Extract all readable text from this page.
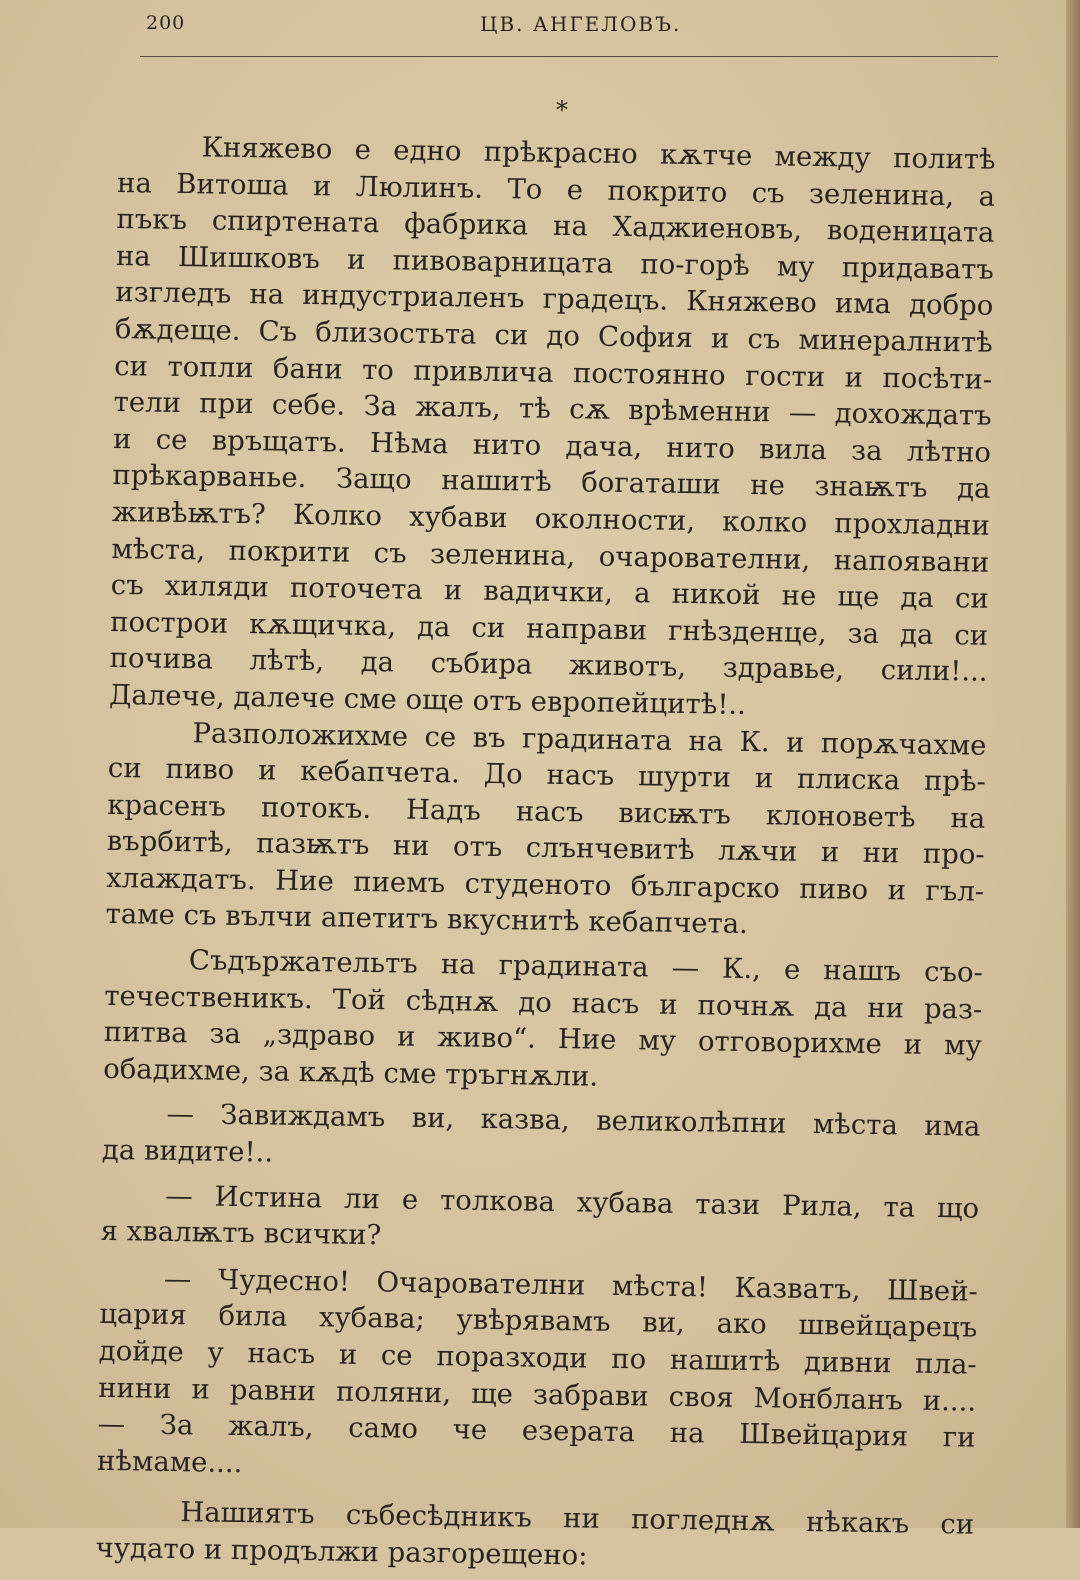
200	ЦВ. АНГЕЛОВЪ.
*
Княжево е едно прѣкрасно кѫтче между политѣ
на Витоша и Люлинъ. То е покрито съ зеленина, а
пъкъ спиртената фабрика на Хаджиеновъ, воденицата
на Шишковъ и пивоварницата по-горѣ му придаватъ
изгледъ на индустриаленъ градецъ. Княжево има добро
бѫдеще. Съ близостьта си до София и съ минералнитѣ
си топли бани то привлича постоянно гости и посѣти-
тели при себе. За жалъ, тѣ сѫ врѣменни — дохождатъ
и се връщатъ. Нѣма нито дача, нито вила за лѣтно
прѣкарванье. Защо нашитѣ богаташи не знаѭтъ да
живѣѭтъ? Колко хубави околности, колко прохладни
мѣста, покрити съ зеленина, очарователни, напоявани
съ хиляди поточета и вадички, а никой не ще да си
построи кѫщичка, да си направи гнѣзденце, за да си
почива лѣтѣ, да събира животъ, здравье, сили!...
Далече, далече сме още отъ европейцитѣ!..
Разположихме се въ градината на К. и порѫчахме
си пиво и кебапчета. До насъ шурти и плиска прѣ-
красенъ потокъ. Надъ насъ висѭтъ клоновeтѣ на
върбитѣ, пазѭтъ ни отъ слънчевитѣ лѫчи и ни про-
хлаждатъ. Ние пиемъ студеното българско пиво и гъл-
таме съ вълчи апетитъ вкуснитѣ кебапчета.
Съдържательтъ на градината — К., е нашъ съо-
течественикъ. Той сѣднѫ до насъ и почнѫ да ни раз-
питва за „здраво и живо“. Ние му отговорихме и му
обадихме, за кѫдѣ сме тръгнѫли.
— Завиждамъ ви, казва, великолѣпни мѣста има
да видите!..
— Истина ли е толкова хубава тази Рила, та що
я хвалѭтъ всички?
— Чудесно! Очарователни мѣста! Казватъ, Швей-
цария била хубава; увѣрявамъ ви, ако швейцарецъ
дойде у насъ и се поразходи по нашитѣ дивни пла-
нини и равни поляни, ще забрави своя Монбланъ и....
— За жалъ, само че езерата на Швейцария ги
нѣмаме....
Нашиятъ събесѣдникъ ни погледнѫ нѣкакъ си
чудато и продължи разгорещено:
